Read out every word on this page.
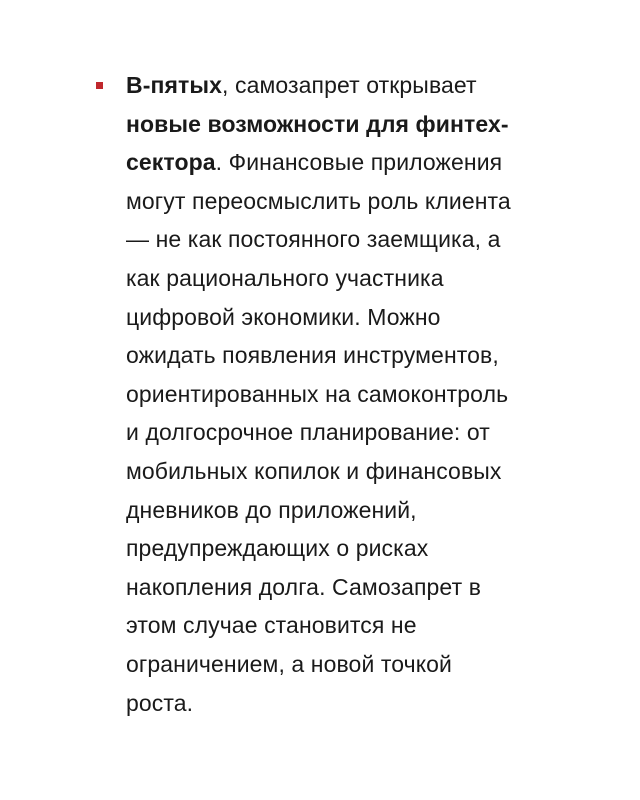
В-пятых, самозапрет открывает
новые возможности для финтех-
сектора. Финансовые приложения
могут переосмыслить роль клиента
— не как постоянного заемщика, а
как рационального участника
цифровой экономики. Можно
ожидать появления инструментов,
ориентированных на самоконтроль
и долгосрочное планирование: от
мобильных копилок и финансовых
дневников до приложений,
предупреждающих о рисках
накопления долга. Самозапрет в
этом случае становится не
ограничением, а новой точкой
роста.
